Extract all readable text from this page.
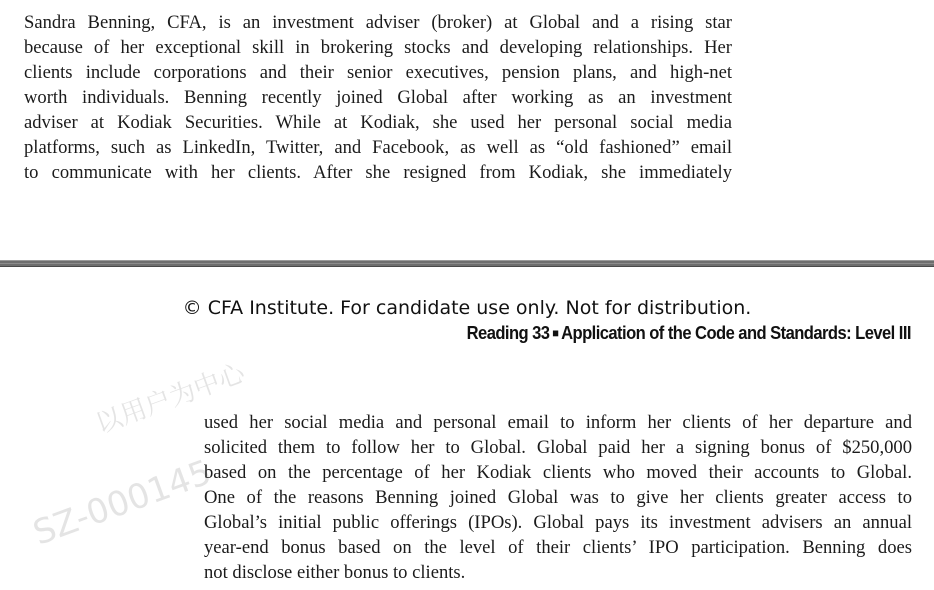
Sandra Benning, CFA, is an investment adviser (broker) at Global and a rising star
because of her exceptional skill in brokering stocks and developing relationships. Her
clients include corporations and their senior executives, pension plans, and high-net
worth individuals. Benning recently joined Global after working as an investment
adviser at Kodiak Securities. While at Kodiak, she used her personal social media
platforms, such as LinkedIn, Twitter, and Facebook, as well as “old fashioned” email
to communicate with her clients. After she resigned from Kodiak, she immediately
© CFA Institute. For candidate use only. Not for distribution.
Reading 33 ■ Application of the Code and Standards: Level III
以用户为中心
SZ-000145
used her social media and personal email to inform her clients of her departure and
solicited them to follow her to Global. Global paid her a signing bonus of $250,000
based on the percentage of her Kodiak clients who moved their accounts to Global.
One of the reasons Benning joined Global was to give her clients greater access to
Global’s initial public offerings (IPOs). Global pays its investment advisers an annual
year-end bonus based on the level of their clients’ IPO participation. Benning does
not disclose either bonus to clients.
